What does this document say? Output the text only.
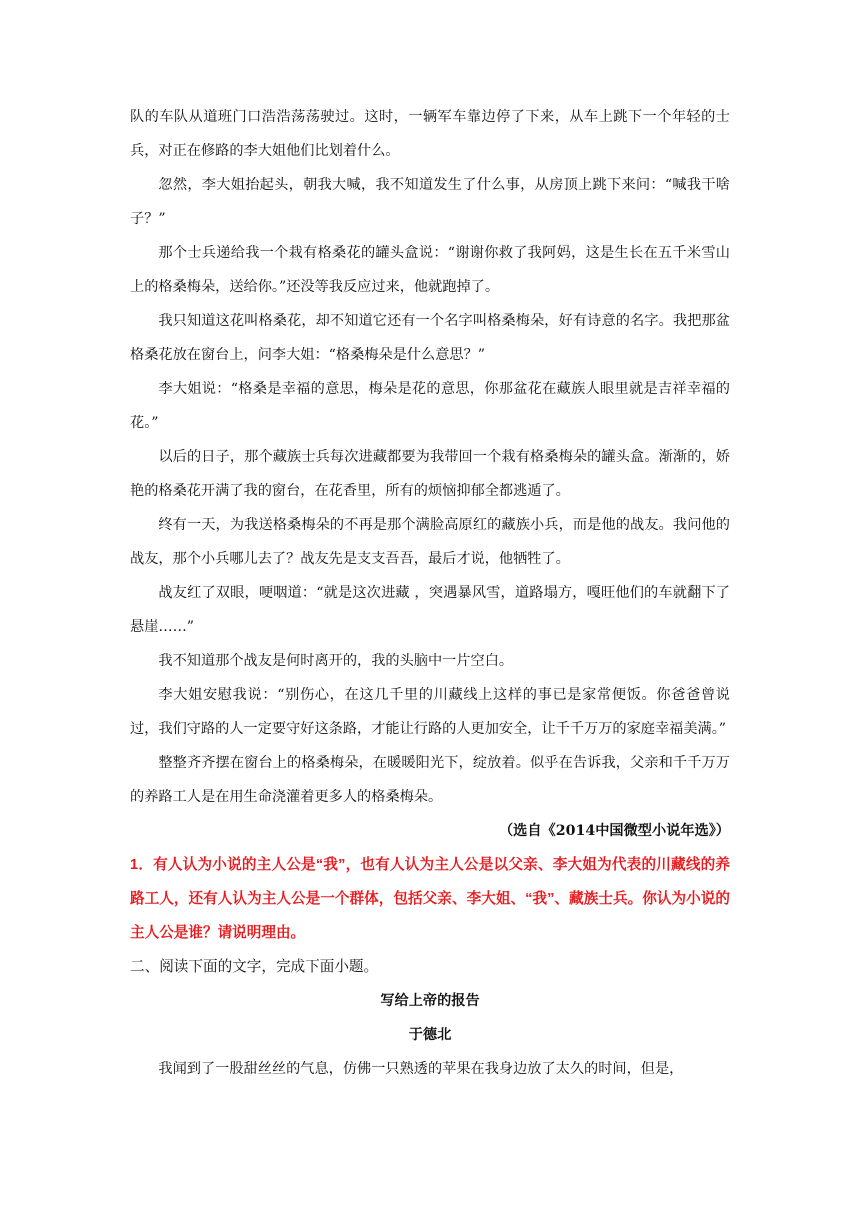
队的车队从道班门口浩浩荡荡驶过。这时，一辆军车靠边停了下来，从车上跳下一个年轻的士兵，对正在修路的李大姐他们比划着什么。

忽然，李大姐抬起头，朝我大喊，我不知道发生了什么事，从房顶上跳下来问：“喊我干啥子？”

那个士兵递给我一个栽有格桑花的罐头盒说：“谢谢你救了我阿妈，这是生长在五千米雪山上的格桑梅朵，送给你。”还没等我反应过来，他就跑掉了。

我只知道这花叫格桑花，却不知道它还有一个名字叫格桑梅朵，好有诗意的名字。我把那盆格桑花放在窗台上，问李大姐：“格桑梅朵是什么意思？”

李大姐说：“格桑是幸福的意思，梅朵是花的意思，你那盆花在藏族人眼里就是吉祥幸福的花。”

以后的日子，那个藏族士兵每次进藏都要为我带回一个栽有格桑梅朵的罐头盒。渐渐的，娇艳的格桑花开满了我的窗台，在花香里，所有的烦恼抑郁全都逃遁了。

终有一天，为我送格桑梅朵的不再是那个满脸高原红的藏族小兵，而是他的战友。我问他的战友，那个小兵哪儿去了？战友先是支支吾吾，最后才说，他牺牲了。

战友红了双眼，哽咽道：“就是这次进藏 ，突遇暴风雪，道路塌方，嘎旺他们的车就翻下了悬崖……”

我不知道那个战友是何时离开的，我的头脑中一片空白。

李大姐安慰我说：“别伤心，在这几千里的川藏线上这样的事已是家常便饭。你爸爸曾说过，我们守路的人一定要守好这条路，才能让行路的人更加安全，让千千万万的家庭幸福美满。”

整整齐齐摆在窗台上的格桑梅朵，在暖暖阳光下，绽放着。似乎在告诉我，父亲和千千万万的养路工人是在用生命浇灌着更多人的格桑梅朵。

（选自《2014中国微型小说年选》）

1．有人认为小说的主人公是“我”，也有人认为主人公是以父亲、李大姐为代表的川藏线的养路工人，还有人认为主人公是一个群体，包括父亲、李大姐、“我”、藏族士兵。你认为小说的主人公是谁？请说明理由。

二、阅读下面的文字，完成下面小题。

写给上帝的报告

于德北

我闻到了一股甜丝丝的气息，仿佛一只熟透的苹果在我身边放了太久的时间，但是，
